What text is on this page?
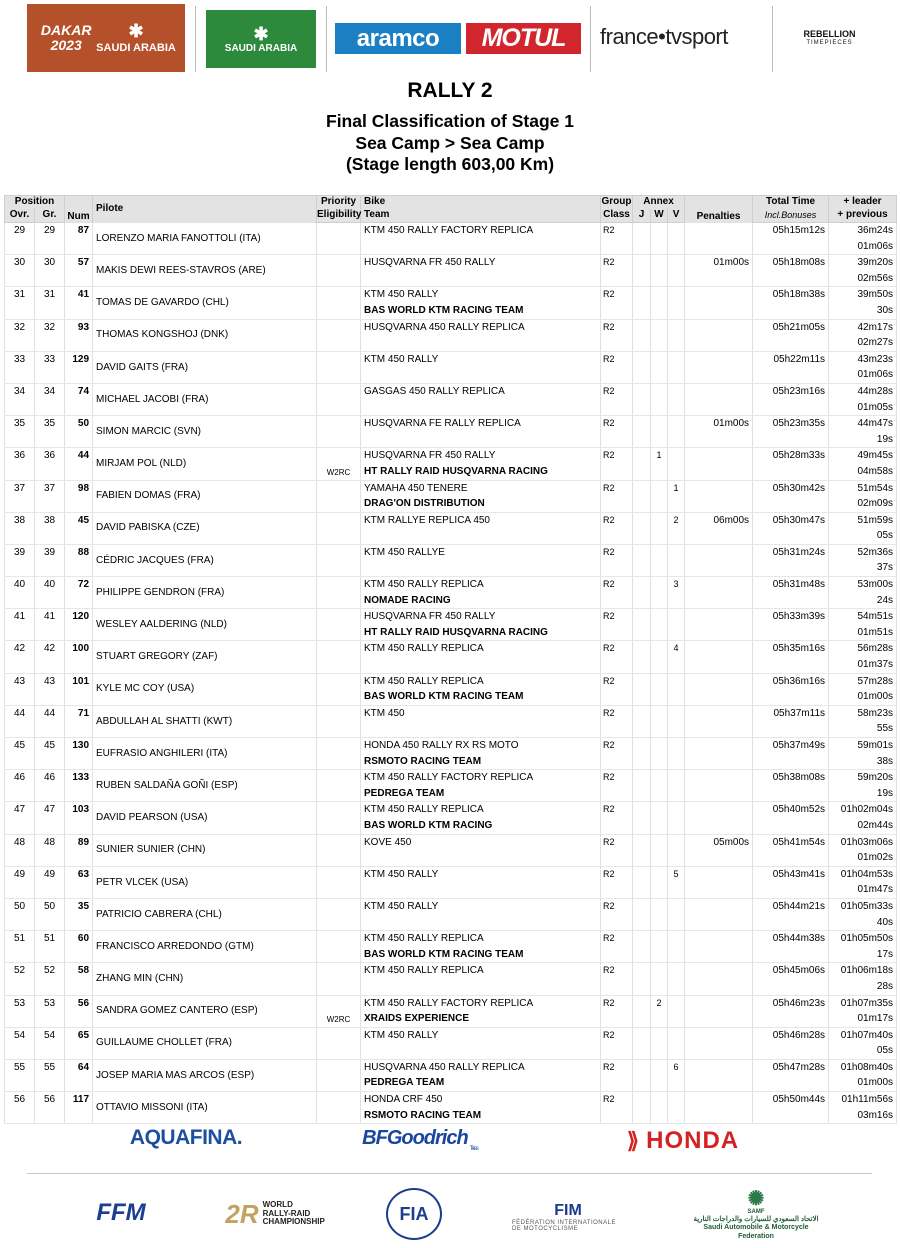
DAKAR 2023
✱
SAUDI ARABIA
✱
SAUDI ARABIA aramco MOTUL france•tvsport	REBELLION
TIMEPIECES
RALLY 2
Final Classification of Stage 1
Sea Camp > Sea Camp
(Stage length 603,00 Km)
Position		Num	Pilote	Priority	Bike	Group	Annex			Penalties	Total Time	+ leader
Ovr.	Gr.			Eligibility	Team	Class	J	W	V		Incl.Bonuses	+ previous
29	29	87	LORENZO MARIA FANOTTOLI (ITA)		KTM 450 RALLY FACTORY REPLICA	R2					05h15m12s	36m24s
01m06s

30	30	57	MAKIS DEWI REES-STAVROS (ARE)		HUSQVARNA FR 450 RALLY	R2				01m00s	05h18m08s	39m20s
02m56s

31	31	41	TOMAS DE GAVARDO (CHL)		KTM 450 RALLY
BAS WORLD KTM RACING TEAM	R2					05h18m38s	39m50s
30s

32	32	93	THOMAS KONGSHOJ (DNK)		HUSQVARNA 450 RALLY REPLICA	R2					05h21m05s	42m17s
02m27s

33	33	129	DAVID GAITS (FRA)		KTM 450 RALLY	R2					05h22m11s	43m23s
01m06s

34	34	74	MICHAEL JACOBI (FRA)		GASGAS 450 RALLY REPLICA	R2					05h23m16s	44m28s
01m05s

35	35	50	SIMON MARCIC (SVN)		HUSQVARNA FE RALLY REPLICA	R2				01m00s	05h23m35s	44m47s
19s

36	36	44	MIRJAM POL (NLD)	W2RC	HUSQVARNA FR 450 RALLY
HT RALLY RAID HUSQVARNA RACING	R2		1			05h28m33s	49m45s
04m58s

37	37	98	FABIEN DOMAS (FRA)		YAMAHA 450 TENERE
DRAG'ON DISTRIBUTION	R2			1		05h30m42s	51m54s
02m09s

38	38	45	DAVID PABISKA (CZE)		KTM RALLYE REPLICA 450	R2			2	06m00s	05h30m47s	51m59s
05s

39	39	88	CÉDRIC JACQUES (FRA)		KTM 450 RALLYE	R2					05h31m24s	52m36s
37s

40	40	72	PHILIPPE GENDRON (FRA)		KTM 450 RALLY REPLICA
NOMADE RACING	R2			3		05h31m48s	53m00s
24s

41	41	120	WESLEY AALDERING (NLD)		HUSQVARNA FR 450 RALLY
HT RALLY RAID HUSQVARNA RACING	R2					05h33m39s	54m51s
01m51s

42	42	100	STUART GREGORY (ZAF)		KTM 450 RALLY REPLICA	R2			4		05h35m16s	56m28s
01m37s

43	43	101	KYLE MC COY (USA)		KTM 450 RALLY REPLICA
BAS WORLD KTM RACING TEAM	R2					05h36m16s	57m28s
01m00s

44	44	71	ABDULLAH AL SHATTI (KWT)		KTM 450	R2					05h37m11s	58m23s
55s

45	45	130	EUFRASIO ANGHILERI (ITA)		HONDA 450 RALLY RX RS MOTO
RSMOTO RACING TEAM	R2					05h37m49s	59m01s
38s

46	46	133	RUBEN SALDAÑA GOÑI (ESP)		KTM 450 RALLY FACTORY REPLICA
PEDREGA TEAM	R2					05h38m08s	59m20s
19s

47	47	103	DAVID PEARSON (USA)		KTM 450 RALLY REPLICA
BAS WORLD KTM RACING	R2					05h40m52s	01h02m04s
02m44s

48	48	89	SUNIER SUNIER (CHN)		KOVE 450	R2				05m00s	05h41m54s	01h03m06s
01m02s

49	49	63	PETR VLCEK (USA)		KTM 450 RALLY	R2			5		05h43m41s	01h04m53s
01m47s

50	50	35	PATRICIO CABRERA (CHL)		KTM 450 RALLY	R2					05h44m21s	01h05m33s
40s

51	51	60	FRANCISCO ARREDONDO (GTM)		KTM 450 RALLY REPLICA
BAS WORLD KTM RACING TEAM	R2					05h44m38s	01h05m50s
17s

52	52	58	ZHANG MIN (CHN)		KTM 450 RALLY REPLICA	R2					05h45m06s	01h06m18s
28s

53	53	56	SANDRA GOMEZ CANTERO (ESP)	W2RC	KTM 450 RALLY FACTORY REPLICA
XRAIDS EXPERIENCE	R2		2			05h46m23s	01h07m35s
01m17s

54	54	65	GUILLAUME CHOLLET (FRA)		KTM 450 RALLY	R2					05h46m28s	01h07m40s
05s

55	55	64	JOSEP MARIA MAS ARCOS (ESP)		HUSQVARNA 450 RALLY REPLICA
PEDREGA TEAM	R2			6		05h47m28s	01h08m40s
01m00s

56	56	117	OTTAVIO MISSONI (ITA)		HONDA CRF 450
RSMOTO RACING TEAM	R2					05h50m44s	01h11m56s
03m16s
AQUAFINA.	BFGoodrich
Tires	⟫ HONDA
FFM	2R WORLD RALLY-RAID CHAMPIONSHIP	FIA	FIM
FÉDÉRATION INTERNATIONALE DE MOTOCYCLISME
✺
SAMF
الاتحاد السعودي للسيارات والدراجات النارية
Saudi Automobile & Motorcycle Federation
